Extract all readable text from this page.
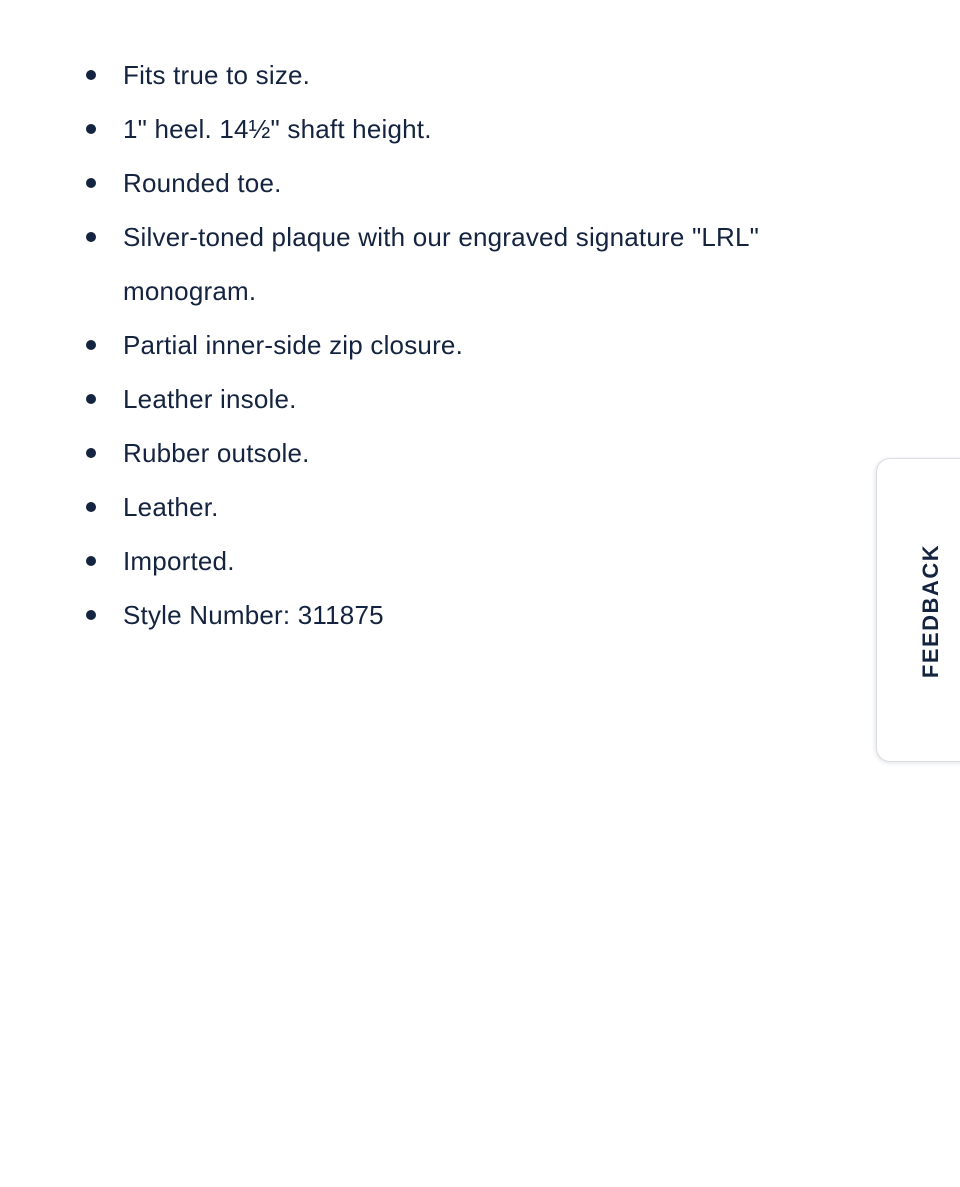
Fits true to size.
1" heel. 14½" shaft height.
Rounded toe.
Silver-toned plaque with our engraved signature "LRL" monogram.
Partial inner-side zip closure.
Leather insole.
Rubber outsole.
Leather.
Imported.
Style Number: 311875	FEEDBACK
